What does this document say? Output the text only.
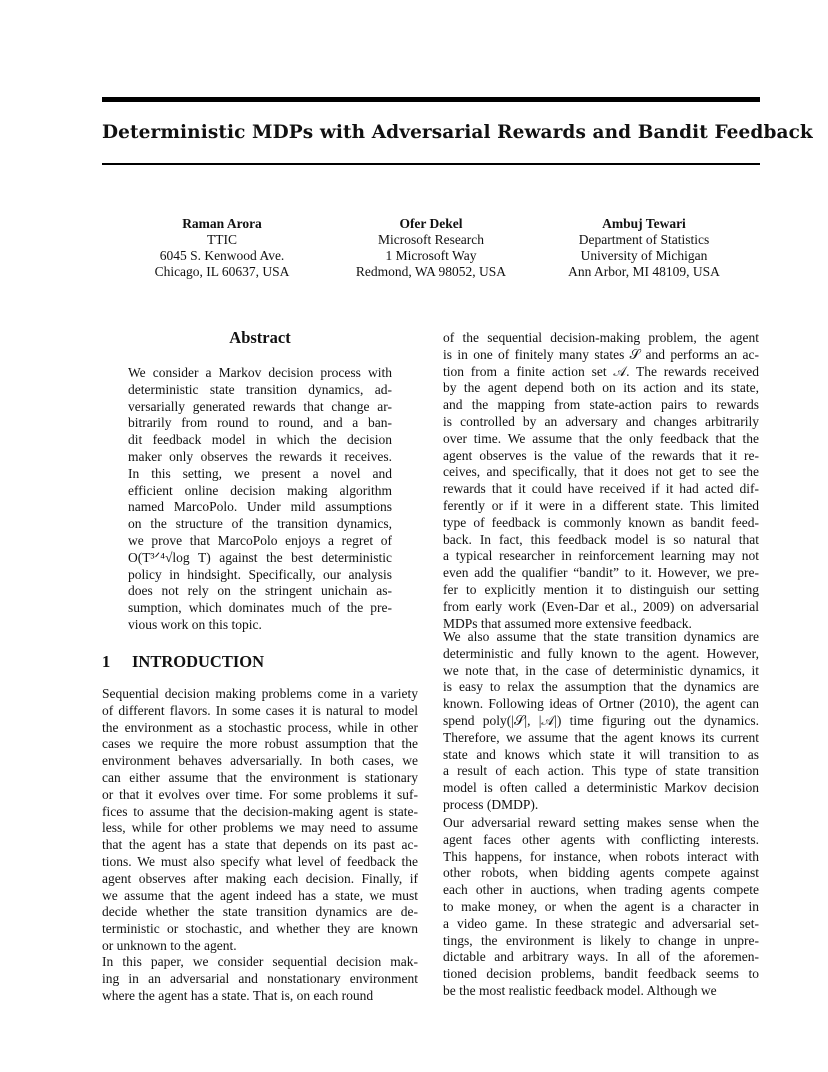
Deterministic MDPs with Adversarial Rewards and Bandit Feedback
Raman Arora
TTIC
6045 S. Kenwood Ave.
Chicago, IL 60637, USA
Ofer Dekel
Microsoft Research
1 Microsoft Way
Redmond, WA 98052, USA
Ambuj Tewari
Department of Statistics
University of Michigan
Ann Arbor, MI 48109, USA
Abstract
We consider a Markov decision process with
deterministic state transition dynamics, ad-
versarially generated rewards that change ar-
bitrarily from round to round, and a ban-
dit feedback model in which the decision
maker only observes the rewards it receives.
In this setting, we present a novel and
efficient online decision making algorithm
named MarcoPolo. Under mild assumptions
on the structure of the transition dynamics,
we prove that MarcoPolo enjoys a regret of
O(T³ᐟ⁴√log T) against the best deterministic
policy in hindsight. Specifically, our analysis
does not rely on the stringent unichain as-
sumption, which dominates much of the pre-
vious work on this topic.
1 INTRODUCTION
Sequential decision making problems come in a variety
of different flavors. In some cases it is natural to model
the environment as a stochastic process, while in other
cases we require the more robust assumption that the
environment behaves adversarially. In both cases, we
can either assume that the environment is stationary
or that it evolves over time. For some problems it suf-
fices to assume that the decision-making agent is state-
less, while for other problems we may need to assume
that the agent has a state that depends on its past ac-
tions. We must also specify what level of feedback the
agent observes after making each decision. Finally, if
we assume that the agent indeed has a state, we must
decide whether the state transition dynamics are de-
terministic or stochastic, and whether they are known
or unknown to the agent.
In this paper, we consider sequential decision mak-
ing in an adversarial and nonstationary environment
where the agent has a state. That is, on each round
of the sequential decision-making problem, the agent
is in one of finitely many states 𝒮 and performs an ac-
tion from a finite action set 𝒜. The rewards received
by the agent depend both on its action and its state,
and the mapping from state-action pairs to rewards
is controlled by an adversary and changes arbitrarily
over time. We assume that the only feedback that the
agent observes is the value of the rewards that it re-
ceives, and specifically, that it does not get to see the
rewards that it could have received if it had acted dif-
ferently or if it were in a different state. This limited
type of feedback is commonly known as bandit feed-
back. In fact, this feedback model is so natural that
a typical researcher in reinforcement learning may not
even add the qualifier “bandit” to it. However, we pre-
fer to explicitly mention it to distinguish our setting
from early work (Even-Dar et al., 2009) on adversarial
MDPs that assumed more extensive feedback.
We also assume that the state transition dynamics are
deterministic and fully known to the agent. However,
we note that, in the case of deterministic dynamics, it
is easy to relax the assumption that the dynamics are
known. Following ideas of Ortner (2010), the agent can
spend poly(|𝒮|, |𝒜|) time figuring out the dynamics.
Therefore, we assume that the agent knows its current
state and knows which state it will transition to as
a result of each action. This type of state transition
model is often called a deterministic Markov decision
process (DMDP).
Our adversarial reward setting makes sense when the
agent faces other agents with conflicting interests.
This happens, for instance, when robots interact with
other robots, when bidding agents compete against
each other in auctions, when trading agents compete
to make money, or when the agent is a character in
a video game. In these strategic and adversarial set-
tings, the environment is likely to change in unpre-
dictable and arbitrary ways. In all of the aforemen-
tioned decision problems, bandit feedback seems to
be the most realistic feedback model. Although we
